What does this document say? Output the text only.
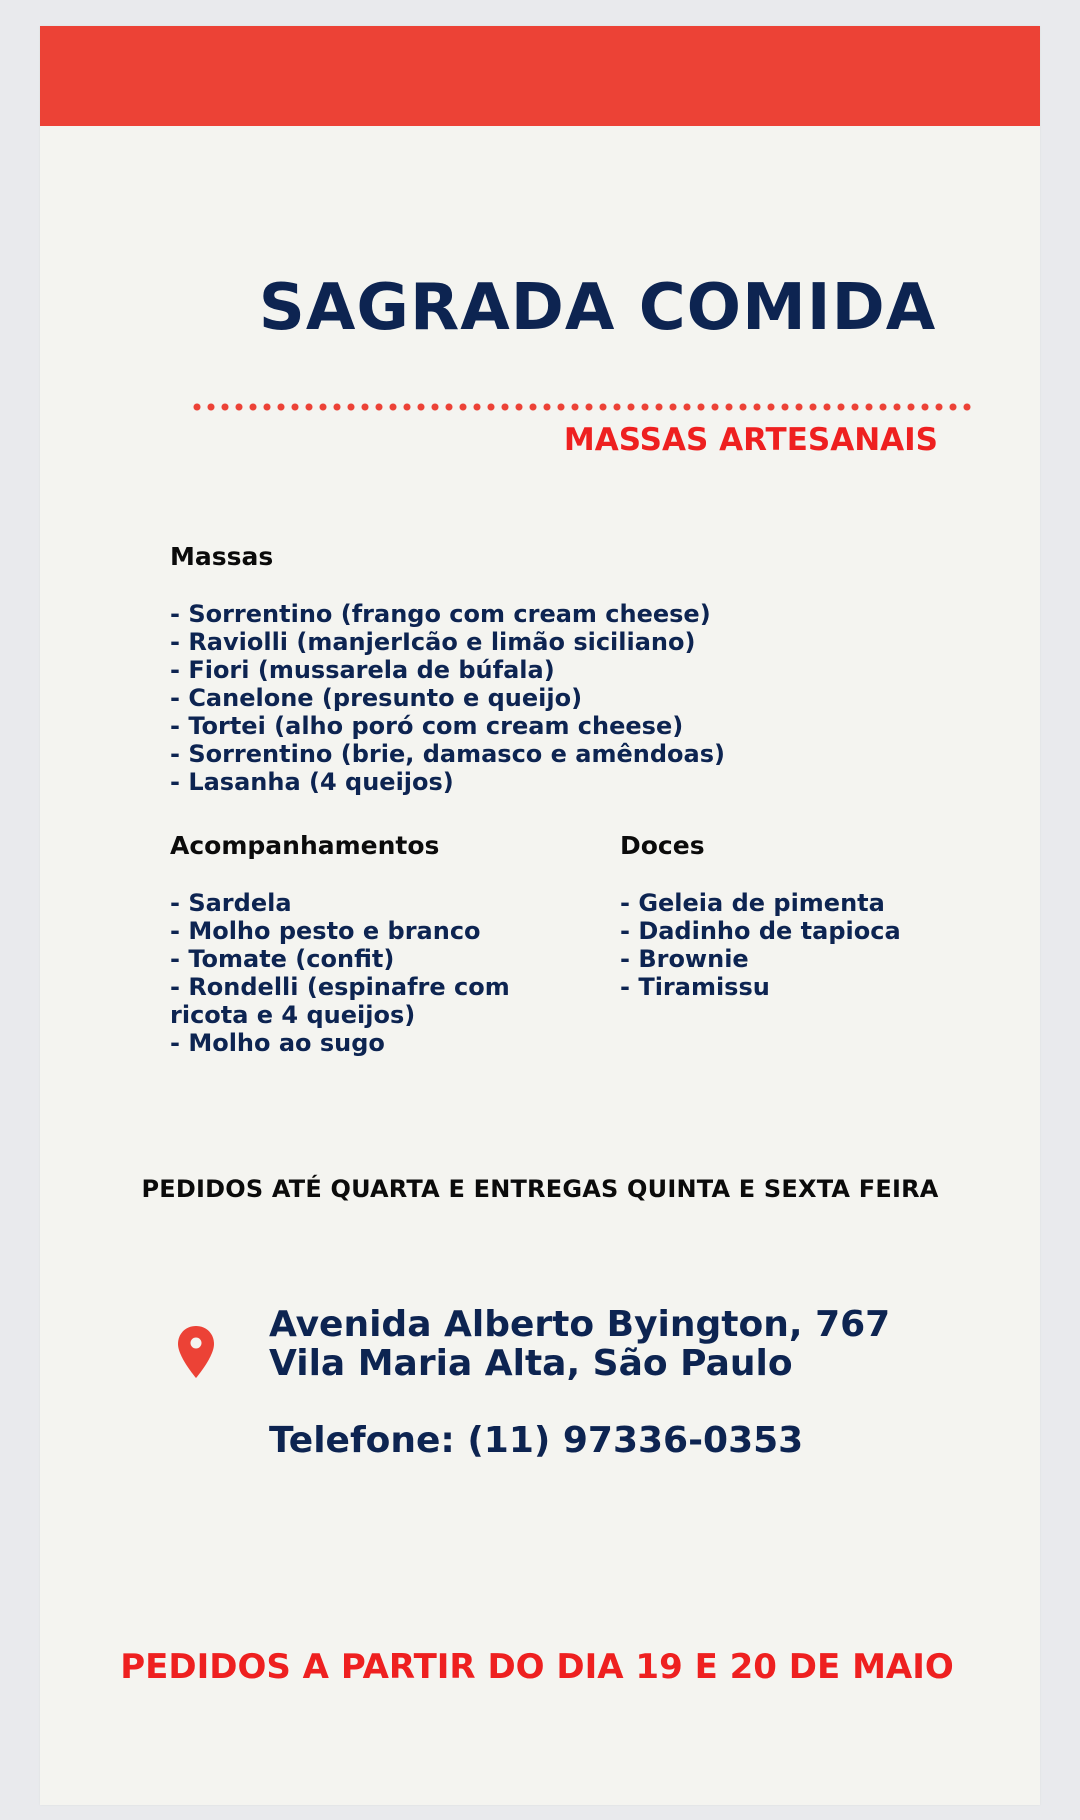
SAGRADA COMIDA
MASSAS ARTESANAIS
Massas
- Sorrentino (frango com cream cheese)
- Raviolli (manjerIcão e limão siciliano)
- Fiori (mussarela de búfala)
- Canelone (presunto e queijo)
- Tortei (alho poró com cream cheese)
- Sorrentino (brie, damasco e amêndoas)
- Lasanha (4 queijos)
Acompanhamentos
- Sardela
- Molho pesto e branco
- Tomate (confit)
- Rondelli (espinafre com ricota e 4 queijos)
- Molho ao sugo
Doces
- Geleia de pimenta
- Dadinho de tapioca
- Brownie
- Tiramissu
PEDIDOS ATÉ QUARTA E ENTREGAS QUINTA E SEXTA FEIRA
Avenida Alberto Byington, 767
Vila Maria Alta, São Paulo
Telefone: (11) 97336-0353
PEDIDOS A PARTIR DO DIA 19 E 20 DE MAIO
